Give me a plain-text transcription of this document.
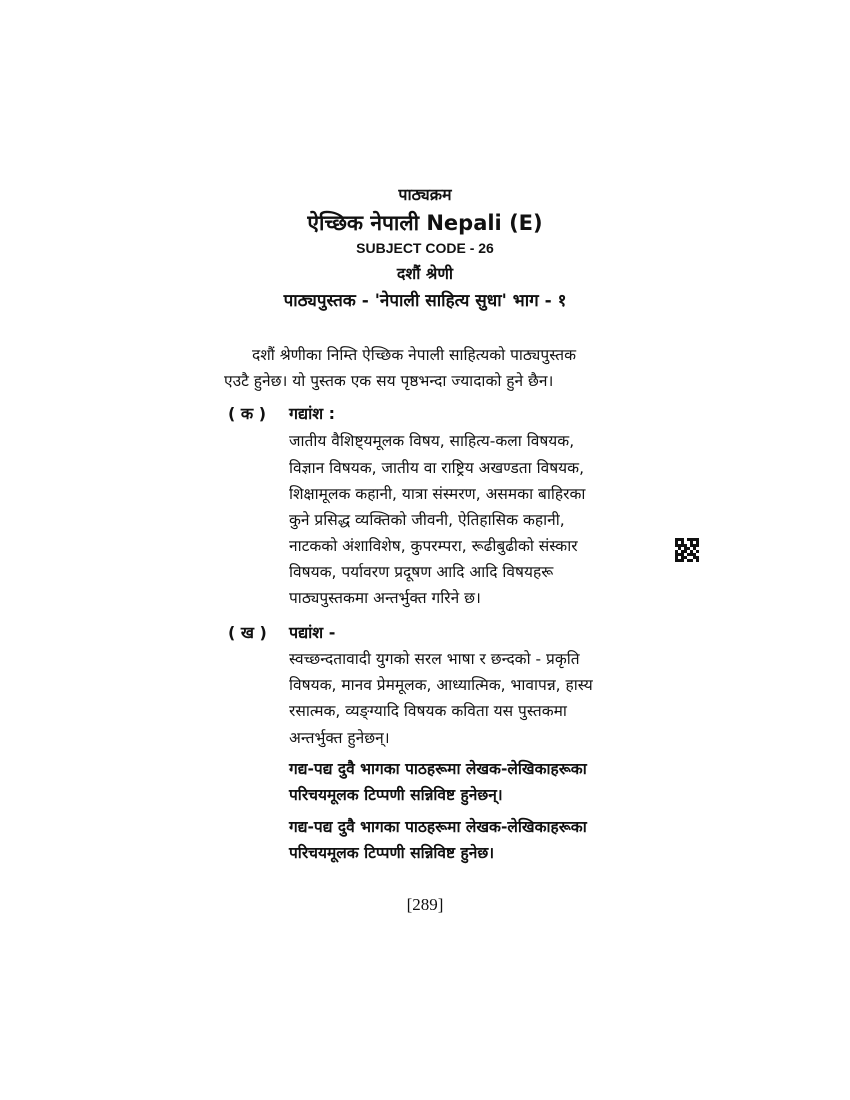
पाठ्यक्रम
ऐच्छिक नेपाली Nepali (E)
SUBJECT CODE - 26
दशौं श्रेणी
पाठ्यपुस्तक - 'नेपाली साहित्य सुधा' भाग - १
दशौं श्रेणीका निम्ति ऐच्छिक नेपाली साहित्यको पाठ्यपुस्तक
एउटै हुनेछ। यो पुस्तक एक सय पृष्ठभन्दा ज्यादाको हुने छैन।
( क ) गद्यांश :
जातीय वैशिष्ट्यमूलक विषय, साहित्य-कला विषयक,
विज्ञान विषयक, जातीय वा राष्ट्रिय अखण्डता विषयक,
शिक्षामूलक कहानी, यात्रा संस्मरण, असमका बाहिरका
कुने प्रसिद्ध व्यक्तिको जीवनी, ऐतिहासिक कहानी,
नाटकको अंशाविशेष, कुपरम्परा, रूढीबुढीको संस्कार
विषयक, पर्यावरण प्रदूषण आदि आदि विषयहरू
पाठ्यपुस्तकमा अन्तर्भुक्त गरिने छ।
( ख ) पद्यांश -
स्वच्छन्दतावादी युगको सरल भाषा र छन्दको - प्रकृति
विषयक, मानव प्रेममूलक, आध्यात्मिक, भावापन्न, हास्य
रसात्मक, व्यङ्ग्यादि विषयक कविता यस पुस्तकमा
अन्तर्भुक्त हुनेछन्।
गद्य-पद्य दुवै भागका पाठहरूमा लेखक-लेखिकाहरूका
परिचयमूलक टिप्पणी सन्निविष्ट हुनेछन्।
गद्य-पद्य दुवै भागका पाठहरूमा लेखक-लेखिकाहरूका
परिचयमूलक टिप्पणी सन्निविष्ट हुनेछ।
[289]
